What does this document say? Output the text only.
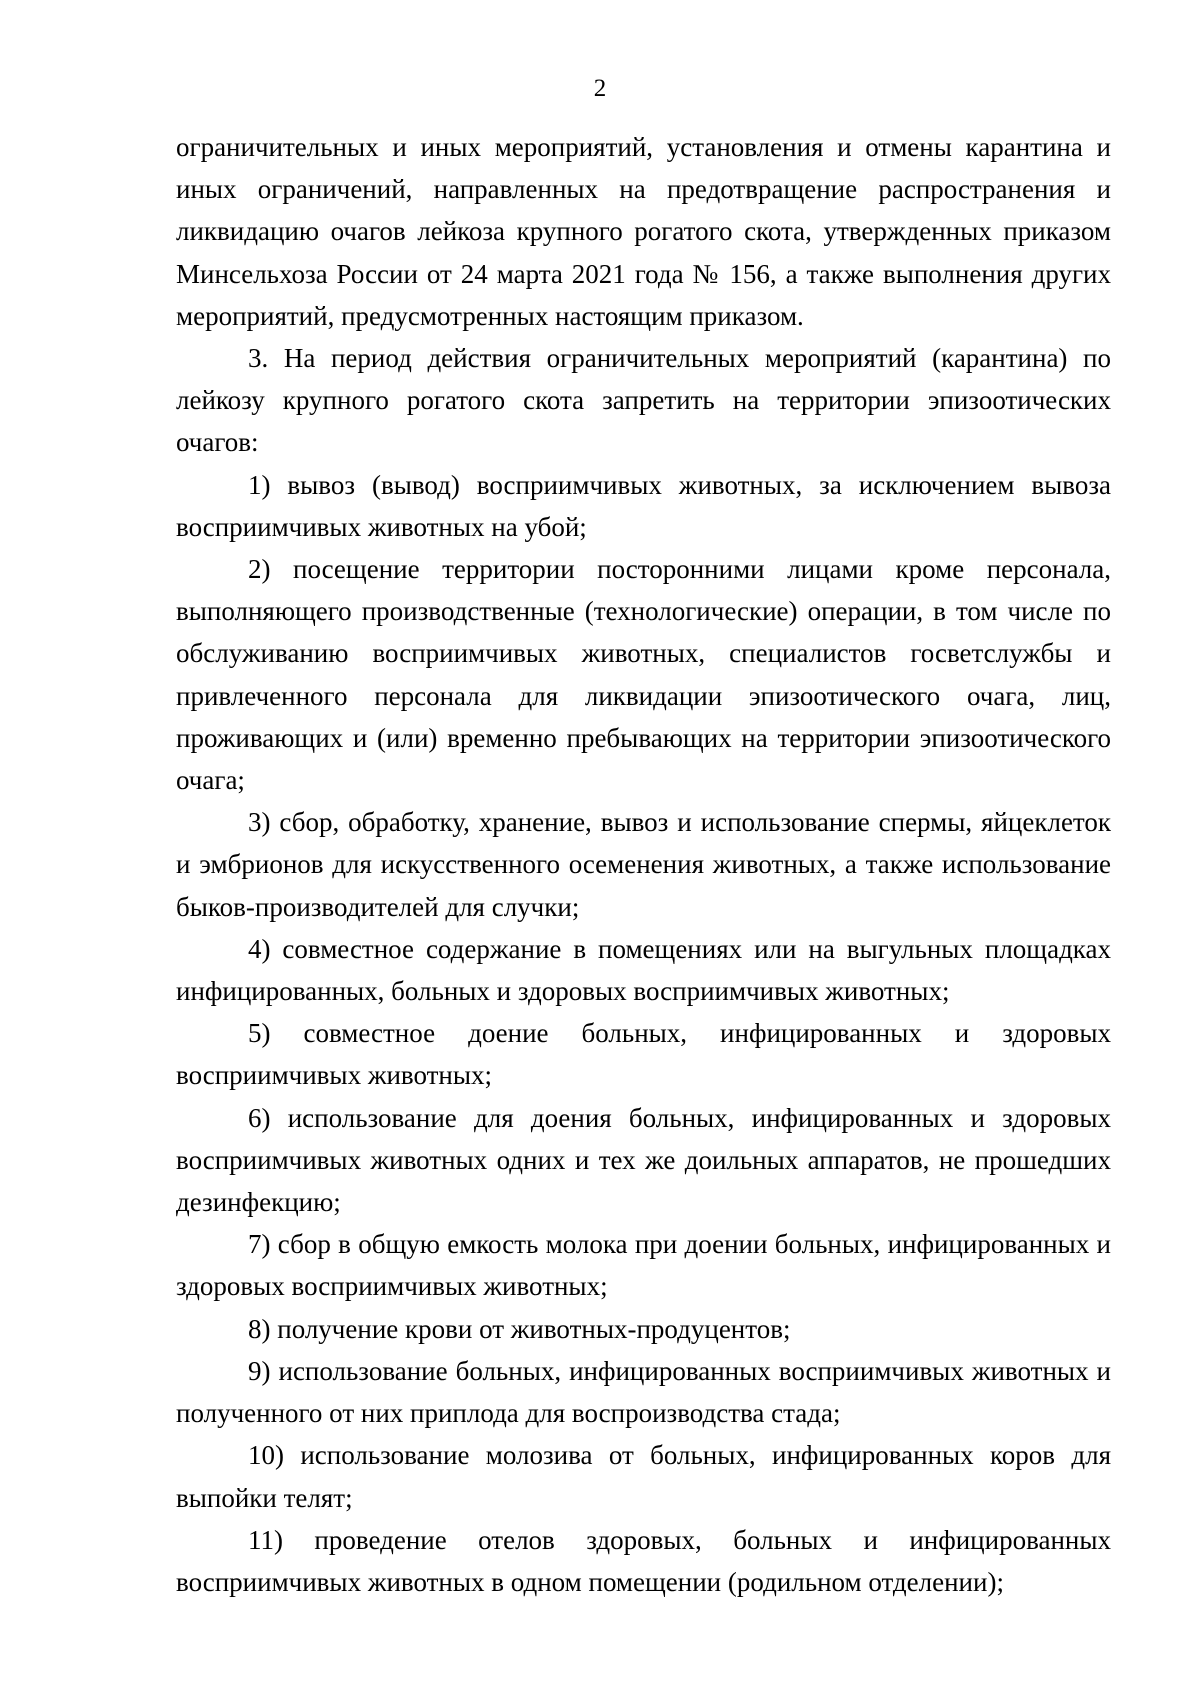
2

ограничительных и иных мероприятий, установления и отмены карантина и иных ограничений, направленных на предотвращение распространения и ликвидацию очагов лейкоза крупного рогатого скота, утвержденных приказом Минсельхоза России от 24 марта 2021 года № 156, а также выполнения других мероприятий, предусмотренных настоящим приказом.

3. На период действия ограничительных мероприятий (карантина) по лейкозу крупного рогатого скота запретить на территории эпизоотических очагов:

1) вывоз (вывод) восприимчивых животных, за исключением вывоза восприимчивых животных на убой;

2) посещение территории посторонними лицами кроме персонала, выполняющего производственные (технологические) операции, в том числе по обслуживанию восприимчивых животных, специалистов госветслужбы и привлеченного персонала для ликвидации эпизоотического очага, лиц, проживающих и (или) временно пребывающих на территории эпизоотического очага;

3) сбор, обработку, хранение, вывоз и использование спермы, яйцеклеток и эмбрионов для искусственного осеменения животных, а также использование быков-производителей для случки;

4) совместное содержание в помещениях или на выгульных площадках инфицированных, больных и здоровых восприимчивых животных;

5) совместное доение больных, инфицированных и здоровых восприимчивых животных;

6) использование для доения больных, инфицированных и здоровых восприимчивых животных одних и тех же доильных аппаратов, не прошедших дезинфекцию;

7) сбор в общую емкость молока при доении больных, инфицированных и здоровых восприимчивых животных;

8) получение крови от животных-продуцентов;

9) использование больных, инфицированных восприимчивых животных и полученного от них приплода для воспроизводства стада;

10) использование молозива от больных, инфицированных коров для выпойки телят;

11) проведение отелов здоровых, больных и инфицированных восприимчивых животных в одном помещении (родильном отделении);
